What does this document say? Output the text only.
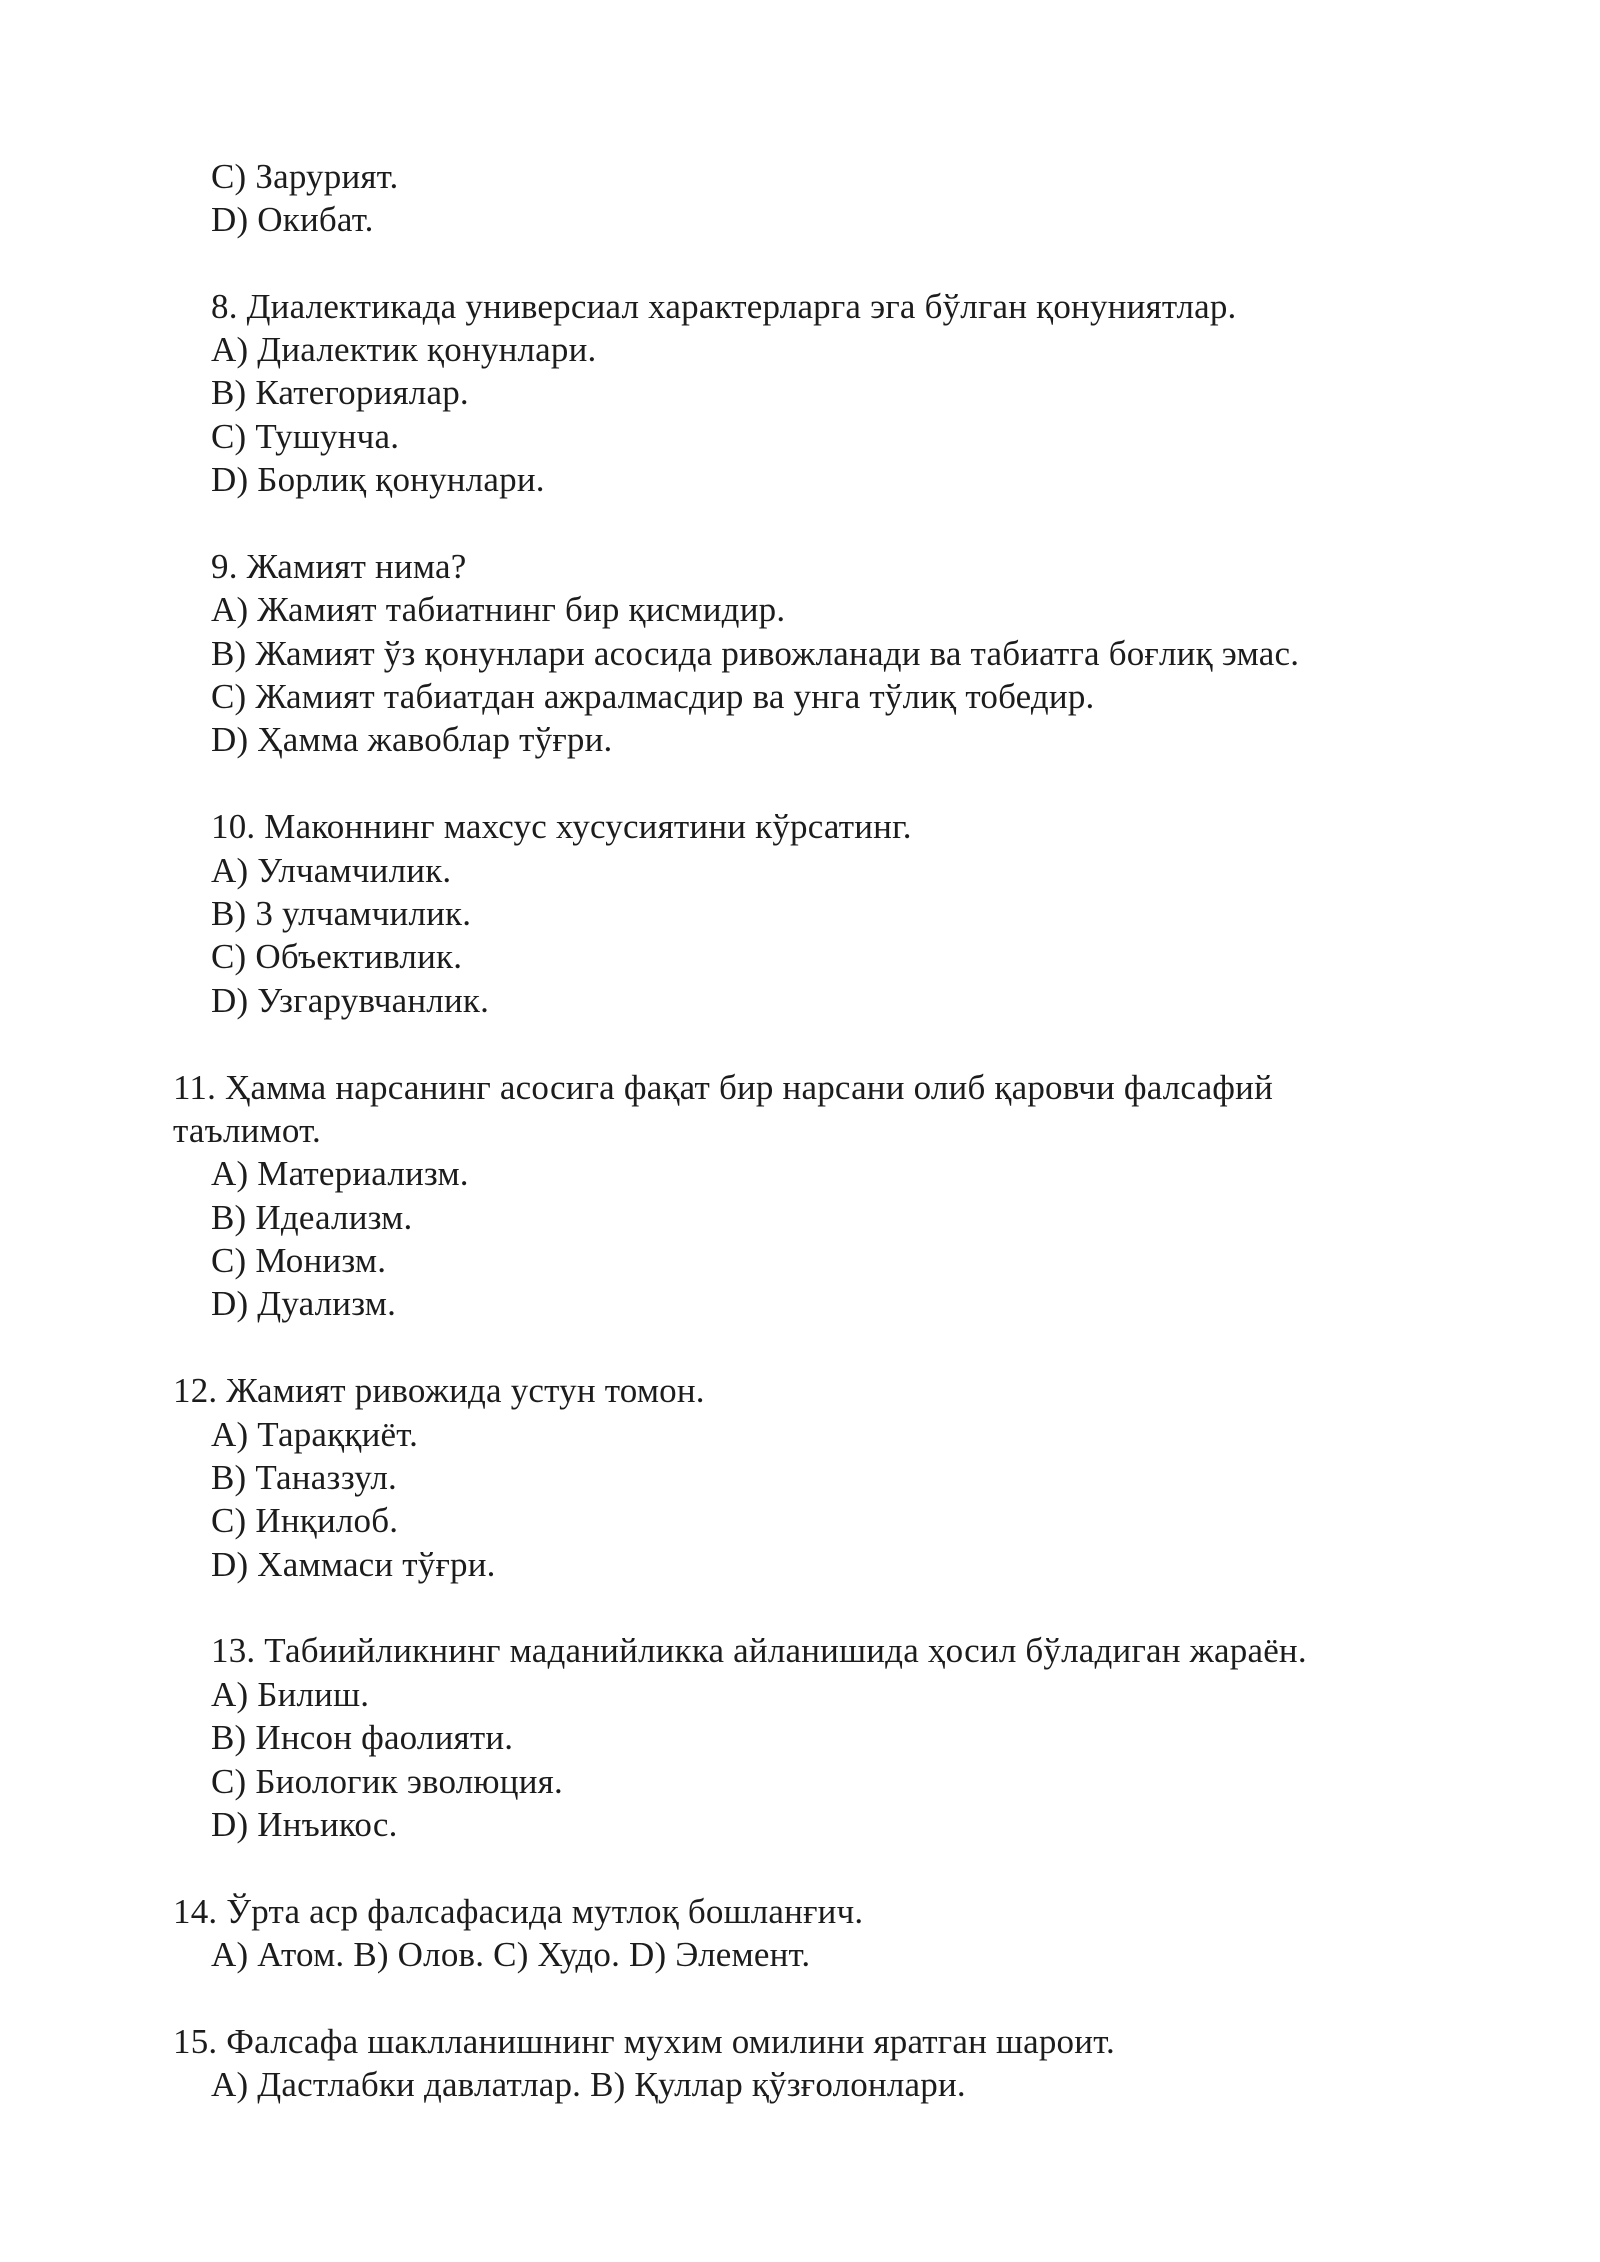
C) Зарурият.
D) Окибат.
8. Диалектикада универсиал характерларга эга бўлган қонуниятлар.
A) Диалектик қонунлари.
B) Категориялар.
C) Тушунча.
D) Борлиқ қонунлари.
9. Жамият нима?
A) Жамият табиатнинг бир қисмидир.
B) Жамият ўз қонунлари асосида ривожланади ва табиатга боғлиқ эмас.
C) Жамият табиатдан ажралмасдир ва унга тўлиқ тобедир.
D) Ҳамма жавоблар тўғри.
10. Маконнинг махсус хусусиятини кўрсатинг.
A) Улчамчилик.
B) 3 улчамчилик.
C) Объективлик.
D) Узгарувчанлик.
11. Ҳамма нарсанинг асосига фақат бир нарсани олиб қаровчи фалсафий
таълимот.
A) Материализм.
B) Идеализм.
C) Монизм.
D) Дуализм.
12. Жамият ривожида устун томон.
A) Тараққиёт.
B) Таназзул.
C) Инқилоб.
D) Хаммаси тўғри.
13. Табиийликнинг маданийликка айланишида ҳосил бўладиган жараён.
A) Билиш.
B) Инсон фаолияти.
C) Биологик эволюция.
D) Инъикос.
14. Ўрта аср фалсафасида мутлоқ бошланғич.
A) Атом. B) Олов. C) Худо. D) Элемент.
15. Фалсафа шаклланишнинг мухим омилини яратган шароит.
A) Дастлабки давлатлар. B) Қуллар қўзғолонлари.
